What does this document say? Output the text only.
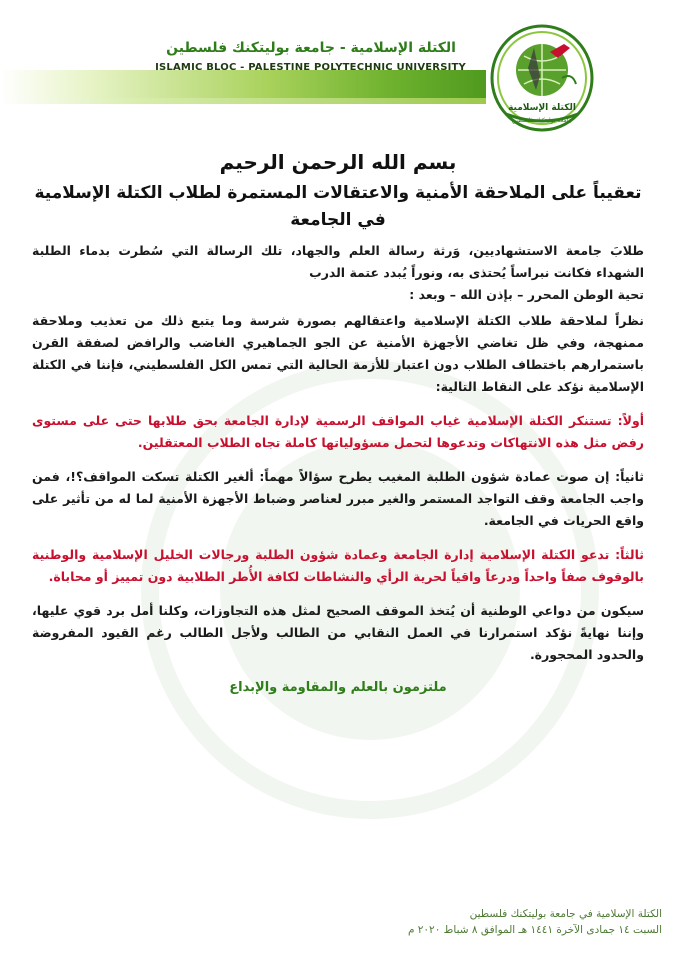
الكتلة الإسلامية - جامعة بوليتكنك فلسطين
ISLAMIC BLOC - PALESTINE POLYTECHNIC UNIVERSITY
الكتلة الإسلامية
جامعة بوليتكنك فلسطين
بسم الله الرحمن الرحيم
تعقيباً على الملاحقة الأمنية والاعتقالات المستمرة لطلاب الكتلة الإسلامية
في الجامعة

طلابَ جامعة الاستشهاديين، وَرثة رسالة العلم والجهاد، تلك الرسالة التي سُطرت بدماء الطلبة الشهداء فكانت نبراساً يُحتذى به، ونوراً يُبدد عتمة الدرب

تحية الوطن المحرر – بإذن الله – وبعد :

نظراً لملاحقة طلاب الكتلة الإسلامية واعتقالهم بصورة شرسة وما يتبع ذلك من تعذيب وملاحقة ممنهجة، وفي ظل تغاضي الأجهزة الأمنية عن الجو الجماهيري الغاضب والرافض لصفقة القرن باستمرارهم باختطاف الطلاب دون اعتبار للأزمة الحالية التي تمس الكل الفلسطيني، فإننا في الكتلة الإسلامية نؤكد على النقاط التالية:

أولاً: تستنكر الكتلة الإسلامية غياب المواقف الرسمية لإدارة الجامعة بحق طلابها حتى على مستوى رفض مثل هذه الانتهاكات وتدعوها لتحمل مسؤولياتها كاملة تجاه الطلاب المعتقلين.

ثانياً: إن صوت عمادة شؤون الطلبة المغيب يطرح سؤالاً مهماً: ألغير الكتلة تسكت المواقف؟!، فمن واجب الجامعة وقف التواجد المستمر والغير مبرر لعناصر وضباط الأجهزة الأمنية لما له من تأثير على واقع الحريات في الجامعة.

ثالثاً: تدعو الكتلة الإسلامية إدارة الجامعة وعمادة شؤون الطلبة ورجالات الخليل الإسلامية والوطنية بالوقوف صفاً واحداً ودرعاً واقياً لحرية الرأي والنشاطات لكافة الأُطر الطلابية دون تمييز أو محاباة.

سيكون من دواعي الوطنية أن يُتخذ الموقف الصحيح لمثل هذه التجاوزات، وكلنا أمل برد قوي عليها، وإننا نهايةً نؤكد استمرارنا في العمل النقابي من الطالب ولأجل الطالب رغم القيود المفروضة والحدود المحجورة.

ملتزمون بالعلم والمقاومة والإبداع
الكتلة الإسلامية في جامعة بوليتكنك فلسطين
السبت ١٤ جمادى الآخرة ١٤٤١ هـ الموافق ٨ شباط ٢٠٢٠ م
